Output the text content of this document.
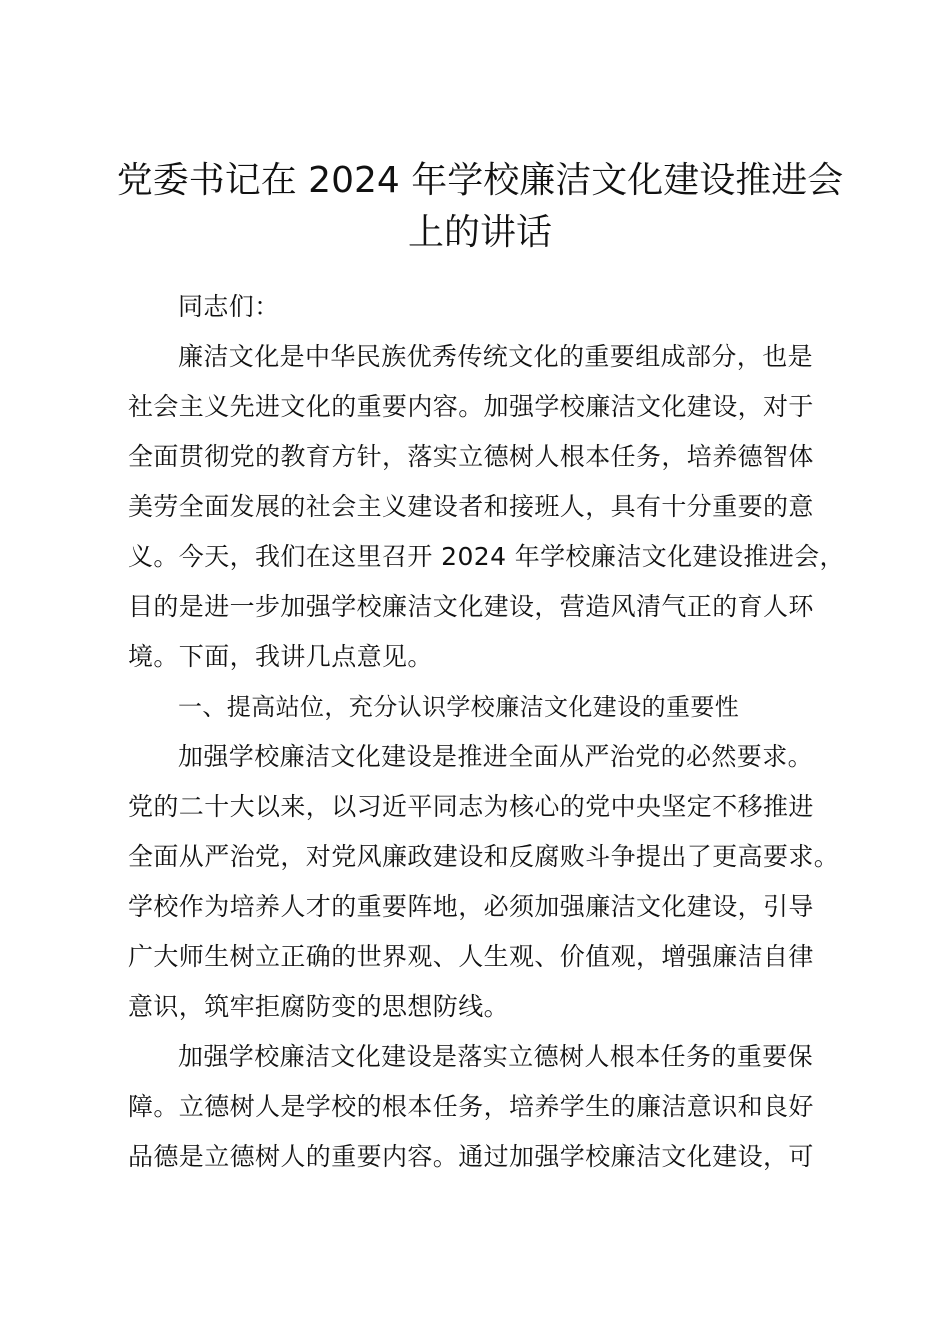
党委书记在 2024 年学校廉洁文化建设推进会
上的讲话
同志们：
廉洁文化是中华民族优秀传统文化的重要组成部分，也是
社会主义先进文化的重要内容。加强学校廉洁文化建设，对于
全面贯彻党的教育方针，落实立德树人根本任务，培养德智体
美劳全面发展的社会主义建设者和接班人，具有十分重要的意
义。今天，我们在这里召开 2024 年学校廉洁文化建设推进会，
目的是进一步加强学校廉洁文化建设，营造风清气正的育人环
境。下面，我讲几点意见。
一、提高站位，充分认识学校廉洁文化建设的重要性
加强学校廉洁文化建设是推进全面从严治党的必然要求。
党的二十大以来，以习近平同志为核心的党中央坚定不移推进
全面从严治党，对党风廉政建设和反腐败斗争提出了更高要求。
学校作为培养人才的重要阵地，必须加强廉洁文化建设，引导
广大师生树立正确的世界观、人生观、价值观，增强廉洁自律
意识，筑牢拒腐防变的思想防线。
加强学校廉洁文化建设是落实立德树人根本任务的重要保
障。立德树人是学校的根本任务，培养学生的廉洁意识和良好
品德是立德树人的重要内容。通过加强学校廉洁文化建设，可
